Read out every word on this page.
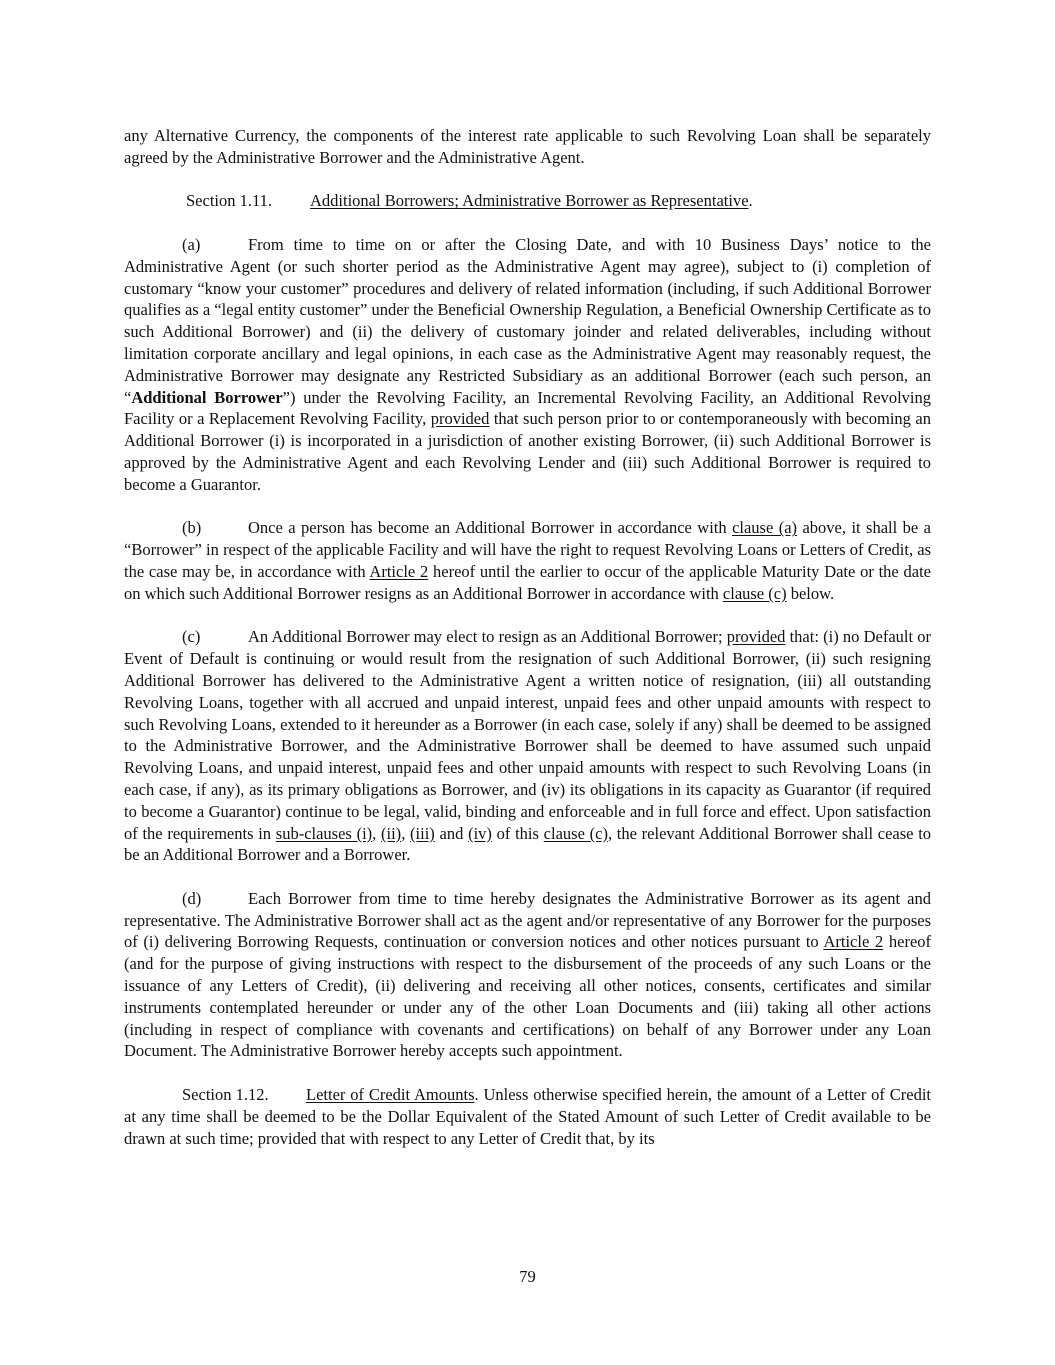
any Alternative Currency, the components of the interest rate applicable to such Revolving Loan shall be separately agreed by the Administrative Borrower and the Administrative Agent.

Section 1.11. Additional Borrowers; Administrative Borrower as Representative.

(a)	From time to time on or after the Closing Date, and with 10 Business Days’ notice to the Administrative Agent (or such shorter period as the Administrative Agent may agree), subject to (i) completion of customary “know your customer” procedures and delivery of related information (including, if such Additional Borrower qualifies as a “legal entity customer” under the Beneficial Ownership Regulation, a Beneficial Ownership Certificate as to such Additional Borrower) and (ii) the delivery of customary joinder and related deliverables, including without limitation corporate ancillary and legal opinions, in each case as the Administrative Agent may reasonably request, the Administrative Borrower may designate any Restricted Subsidiary as an additional Borrower (each such person, an “Additional Borrower”) under the Revolving Facility, an Incremental Revolving Facility, an Additional Revolving Facility or a Replacement Revolving Facility, provided that such person prior to or contemporaneously with becoming an Additional Borrower (i) is incorporated in a jurisdiction of another existing Borrower, (ii) such Additional Borrower is approved by the Administrative Agent and each Revolving Lender and (iii) such Additional Borrower is required to become a Guarantor.

(b)	Once a person has become an Additional Borrower in accordance with clause (a) above, it shall be a “Borrower” in respect of the applicable Facility and will have the right to request Revolving Loans or Letters of Credit, as the case may be, in accordance with Article 2 hereof until the earlier to occur of the applicable Maturity Date or the date on which such Additional Borrower resigns as an Additional Borrower in accordance with clause (c) below.

(c)	An Additional Borrower may elect to resign as an Additional Borrower; provided that: (i) no Default or Event of Default is continuing or would result from the resignation of such Additional Borrower, (ii) such resigning Additional Borrower has delivered to the Administrative Agent a written notice of resignation, (iii) all outstanding Revolving Loans, together with all accrued and unpaid interest, unpaid fees and other unpaid amounts with respect to such Revolving Loans, extended to it hereunder as a Borrower (in each case, solely if any) shall be deemed to be assigned to the Administrative Borrower, and the Administrative Borrower shall be deemed to have assumed such unpaid Revolving Loans, and unpaid interest, unpaid fees and other unpaid amounts with respect to such Revolving Loans (in each case, if any), as its primary obligations as Borrower, and (iv) its obligations in its capacity as Guarantor (if required to become a Guarantor) continue to be legal, valid, binding and enforceable and in full force and effect. Upon satisfaction of the requirements in sub-clauses (i), (ii), (iii) and (iv) of this clause (c), the relevant Additional Borrower shall cease to be an Additional Borrower and a Borrower.

(d)	Each Borrower from time to time hereby designates the Administrative Borrower as its agent and representative. The Administrative Borrower shall act as the agent and/or representative of any Borrower for the purposes of (i) delivering Borrowing Requests, continuation or conversion notices and other notices pursuant to Article 2 hereof (and for the purpose of giving instructions with respect to the disbursement of the proceeds of any such Loans or the issuance of any Letters of Credit), (ii) delivering and receiving all other notices, consents, certificates and similar instruments contemplated hereunder or under any of the other Loan Documents and (iii) taking all other actions (including in respect of compliance with covenants and certifications) on behalf of any Borrower under any Loan Document. The Administrative Borrower hereby accepts such appointment.

Section 1.12. Letter of Credit Amounts. Unless otherwise specified herein, the amount of a Letter of Credit at any time shall be deemed to be the Dollar Equivalent of the Stated Amount of such Letter of Credit available to be drawn at such time; provided that with respect to any Letter of Credit that, by its

79
